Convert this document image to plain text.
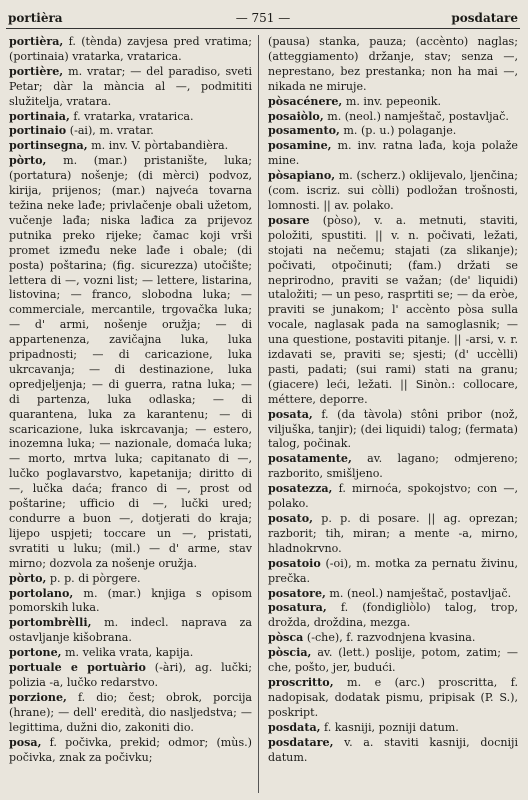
portièra	— 751 —	posdatare

portièra, f. (tènda) zavjesa pred vratima; (portinaia) vratarka, vratarica.

portière, m. vratar; — del paradiso, sveti Petar; dàr la mància al —, podmititi služitelja, vratara.

portinaia, f. vratarka, vratarica.

portinaio (-ai), m. vratar.

portinsegna, m. inv. V. pòrtabandièra.

pòrto, m. (mar.) pristanište, luka; (portatura) nošenje; (di mèrci) podvoz, kirija, prijenos; (mar.) najveća tovarna težina neke lađe; privlačenje obali užetom, vučenje lađa; niska lađica za prijevoz putnika preko rijeke; čamac koji vrši promet između neke lađe i obale; (di posta) poštarina; (fig. sicurezza) utočište; lettera di —, vozni list; — lettere, listarina, listovina; — franco, slobodna luka; — commerciale, mercantile, trgovačka luka; — d' armi, nošenje oružja; — di appartenenza, zavičajna luka, luka pripadnosti; — di caricazione, luka ukrcavanja; — di destinazione, luka opredjeljenja; — di guerra, ratna luka; — di partenza, luka odlaska; — di quarantena, luka za karantenu; — di scaricazione, luka iskrcavanja; — estero, inozemna luka; — nazionale, domaća luka; — morto, mrtva luka; capitanato di —, lučko poglavarstvo, kapetanija; diritto di —, lučka daća; franco di —, prost od poštarine; ufficio di —, lučki ured; condurre a buon —, dotjerati do kraja; lijepo uspjeti; toccare un —, pristati, svratiti u luku; (mil.) — d' arme, stav mirno; dozvola za nošenje oružja.

pòrto, p. p. di pòrgere.

portolano, m. (mar.) knjiga s opisom pomorskih luka.

portombrèlli, m. indecl. naprava za ostavljanje kišobrana.

portone, m. velika vrata, kapija.

portuale e portuàrio (-àri), ag. lučki; polizia -a, lučko redarstvo.

porzione, f. dio; čest; obrok, porcija (hrane); — dell' eredità, dio nasljedstva; — legittima, dužni dio, zakoniti dio.

posa, f. počivka, prekid; odmor; (mùs.) počivka, znak za počivku;

(pausa) stanka, pauza; (accènto) naglas; (atteggiamento) držanje, stav; senza —, neprestano, bez prestanka; non ha mai —, nikada ne miruje.

pòsacénere, m. inv. pepeonik.

posaiòlo, m. (neol.) namještač, postavljač.

posamento, m. (p. u.) polaganje.

posamine, m. inv. ratna lađa, koja polaže mine.

pòsapiano, m. (scherz.) oklijevalo, ljenčina; (com. iscriz. sui còlli) podložan trošnosti, lomnosti. || av. polako.

posare (pòso), v. a. metnuti, staviti, položiti, spustiti. || v. n. počivati, ležati, stojati na nečemu; stajati (za slikanje); počivati, otpočinuti; (fam.) držati se neprirodno, praviti se važan; (de' liquidi) utaložiti; — un peso, rasprtiti se; — da eròe, praviti se junakom; l' accènto pòsa sulla vocale, naglasak pada na samoglasnik; — una questione, postaviti pitanje. || -arsi, v. r. izdavati se, praviti se; sjesti; (d' uccèlli) pasti, padati; (sui rami) stati na granu; (giacere) leći, ležati. || Sinòn.: collocare, méttere, deporre.

posata, f. (da tàvola) stôni pribor (nož, viljuška, tanjir); (dei liquidi) talog; (fermata) talog, počinak.

posatamente, av. lagano; odmjereno; razborito, smišljeno.

posatezza, f. mirnoća, spokojstvo; con —, polako.

posato, p. p. di posare. || ag. oprezan; razborit; tih, miran; a mente -a, mirno, hladnokrvno.

posatoio (-oi), m. motka za pernatu živinu, prečka.

posatore, m. (neol.) namještač, postavljač.

posatura, f. (fondigliòlo) talog, trop, drožda, droždina, mezga.

pòsca (-che), f. razvodnjena kvasina.

pòscia, av. (lett.) poslije, potom, zatim; — che, pošto, jer, budući.

proscritto, m. e (arc.) proscritta, f. nadopisak, dodatak pismu, pripisak (P. S.), poskript.

posdata, f. kasniji, pozniji datum.

posdatare, v. a. staviti kasniji, docniji datum.
